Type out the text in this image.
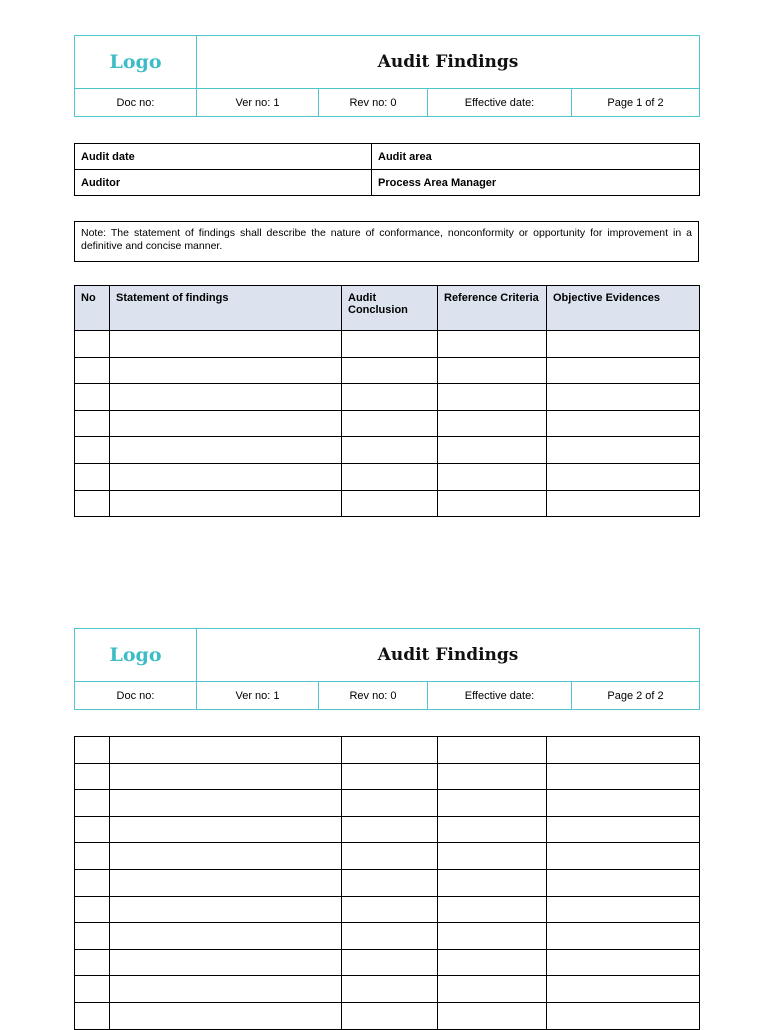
Logo	Audit Findings			
Doc no:	Ver no: 1	Rev no: 0	Effective date:	Page 1 of 2
Audit date	Audit area
Auditor	Process Area Manager
Note: The statement of findings shall describe the nature of conformance, nonconformity or opportunity for improvement in a definitive and concise manner.
No	Statement of findings	Audit Conclusion	Reference Criteria	Objective Evidences

Logo	Audit Findings			
Doc no:	Ver no: 1	Rev no: 0	Effective date:	Page 2 of 2
